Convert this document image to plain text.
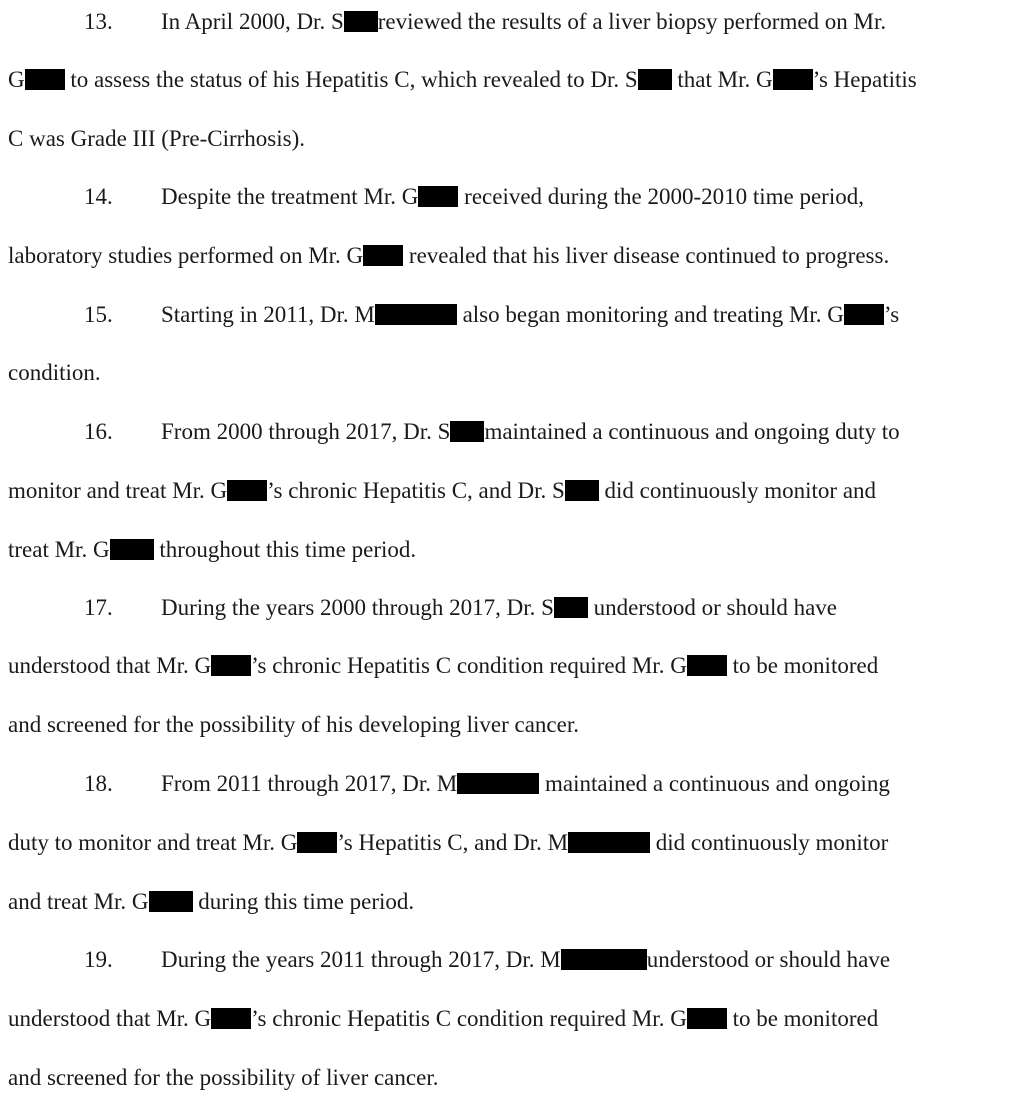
13. In April 2000, Dr. S reviewed the results of a liver biopsy performed on Mr.
G to assess the status of his Hepatitis C, which revealed to Dr. S that Mr. G ’s Hepatitis
C was Grade III (Pre-Cirrhosis).
14. Despite the treatment Mr. G received during the 2000-2010 time period,
laboratory studies performed on Mr. G revealed that his liver disease continued to progress.
15. Starting in 2011, Dr. M	also began monitoring and treating Mr. G ’s
condition.
16. From 2000 through 2017, Dr. S maintained a continuous and ongoing duty to
monitor and treat Mr. G ’s chronic Hepatitis C, and Dr. S did continuously monitor and
treat Mr. G throughout this time period.
17. During the years 2000 through 2017, Dr. S understood or should have
understood that Mr. G ’s chronic Hepatitis C condition required Mr. G to be monitored
and screened for the possibility of his developing liver cancer.
18. From 2011 through 2017, Dr. M	maintained a continuous and ongoing
duty to monitor and treat Mr. G ’s Hepatitis C, and Dr. M	did continuously monitor
and treat Mr. G during this time period.
19. During the years 2011 through 2017, Dr. M	understood or should have
understood that Mr. G ’s chronic Hepatitis C condition required Mr. G to be monitored
and screened for the possibility of liver cancer.
